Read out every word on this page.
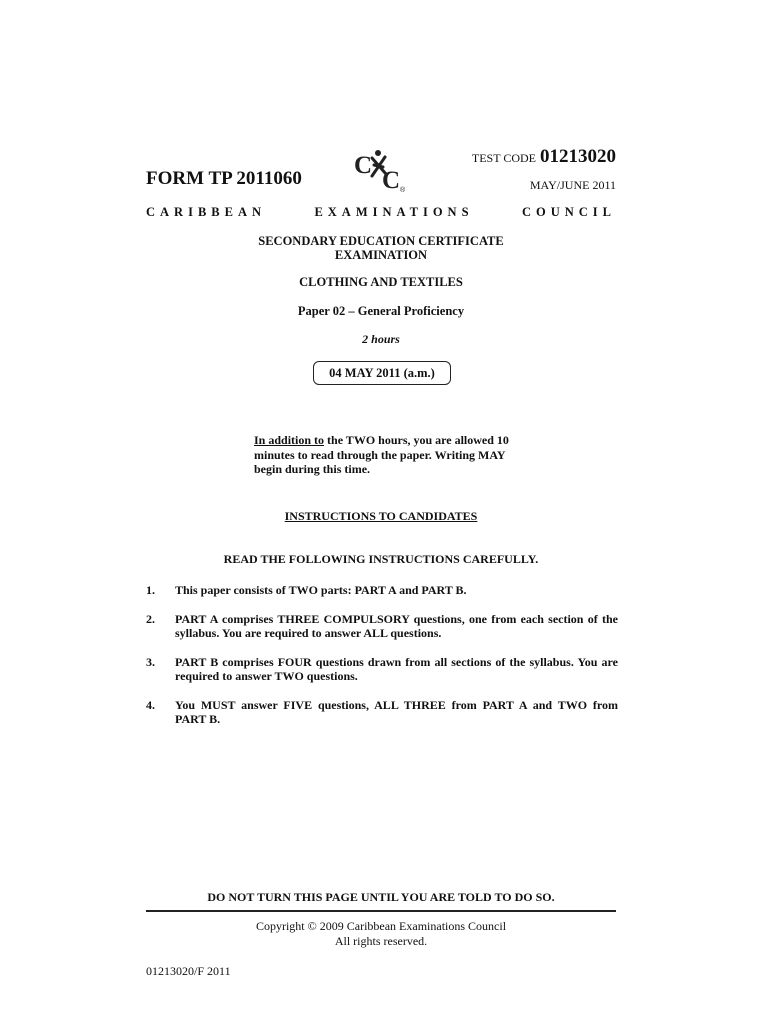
FORM TP 2011060 C
C ®
TEST CODE 01213020
MAY/JUNE 2011
CARIBBEAN	EXAMINATIONS	COUNCIL
SECONDARY EDUCATION CERTIFICATE
EXAMINATION
CLOTHING AND TEXTILES
Paper 02 – General Proficiency
2 hours
04 MAY 2011 (a.m.)
In addition to the TWO hours, you are allowed 10 minutes to read through the paper. Writing MAY begin during this time.
INSTRUCTIONS TO CANDIDATES
READ THE FOLLOWING INSTRUCTIONS CAREFULLY.
1.	This paper consists of TWO parts: PART A and PART B.
2.	PART A comprises THREE COMPULSORY questions, one from each section of the syllabus. You are required to answer ALL questions.
3.	PART B comprises FOUR questions drawn from all sections of the syllabus. You are required to answer TWO questions.
4.	You MUST answer FIVE questions, ALL THREE from PART A and TWO from PART B.
DO NOT TURN THIS PAGE UNTIL YOU ARE TOLD TO DO SO.
Copyright © 2009 Caribbean Examinations Council
All rights reserved.
01213020/F 2011
